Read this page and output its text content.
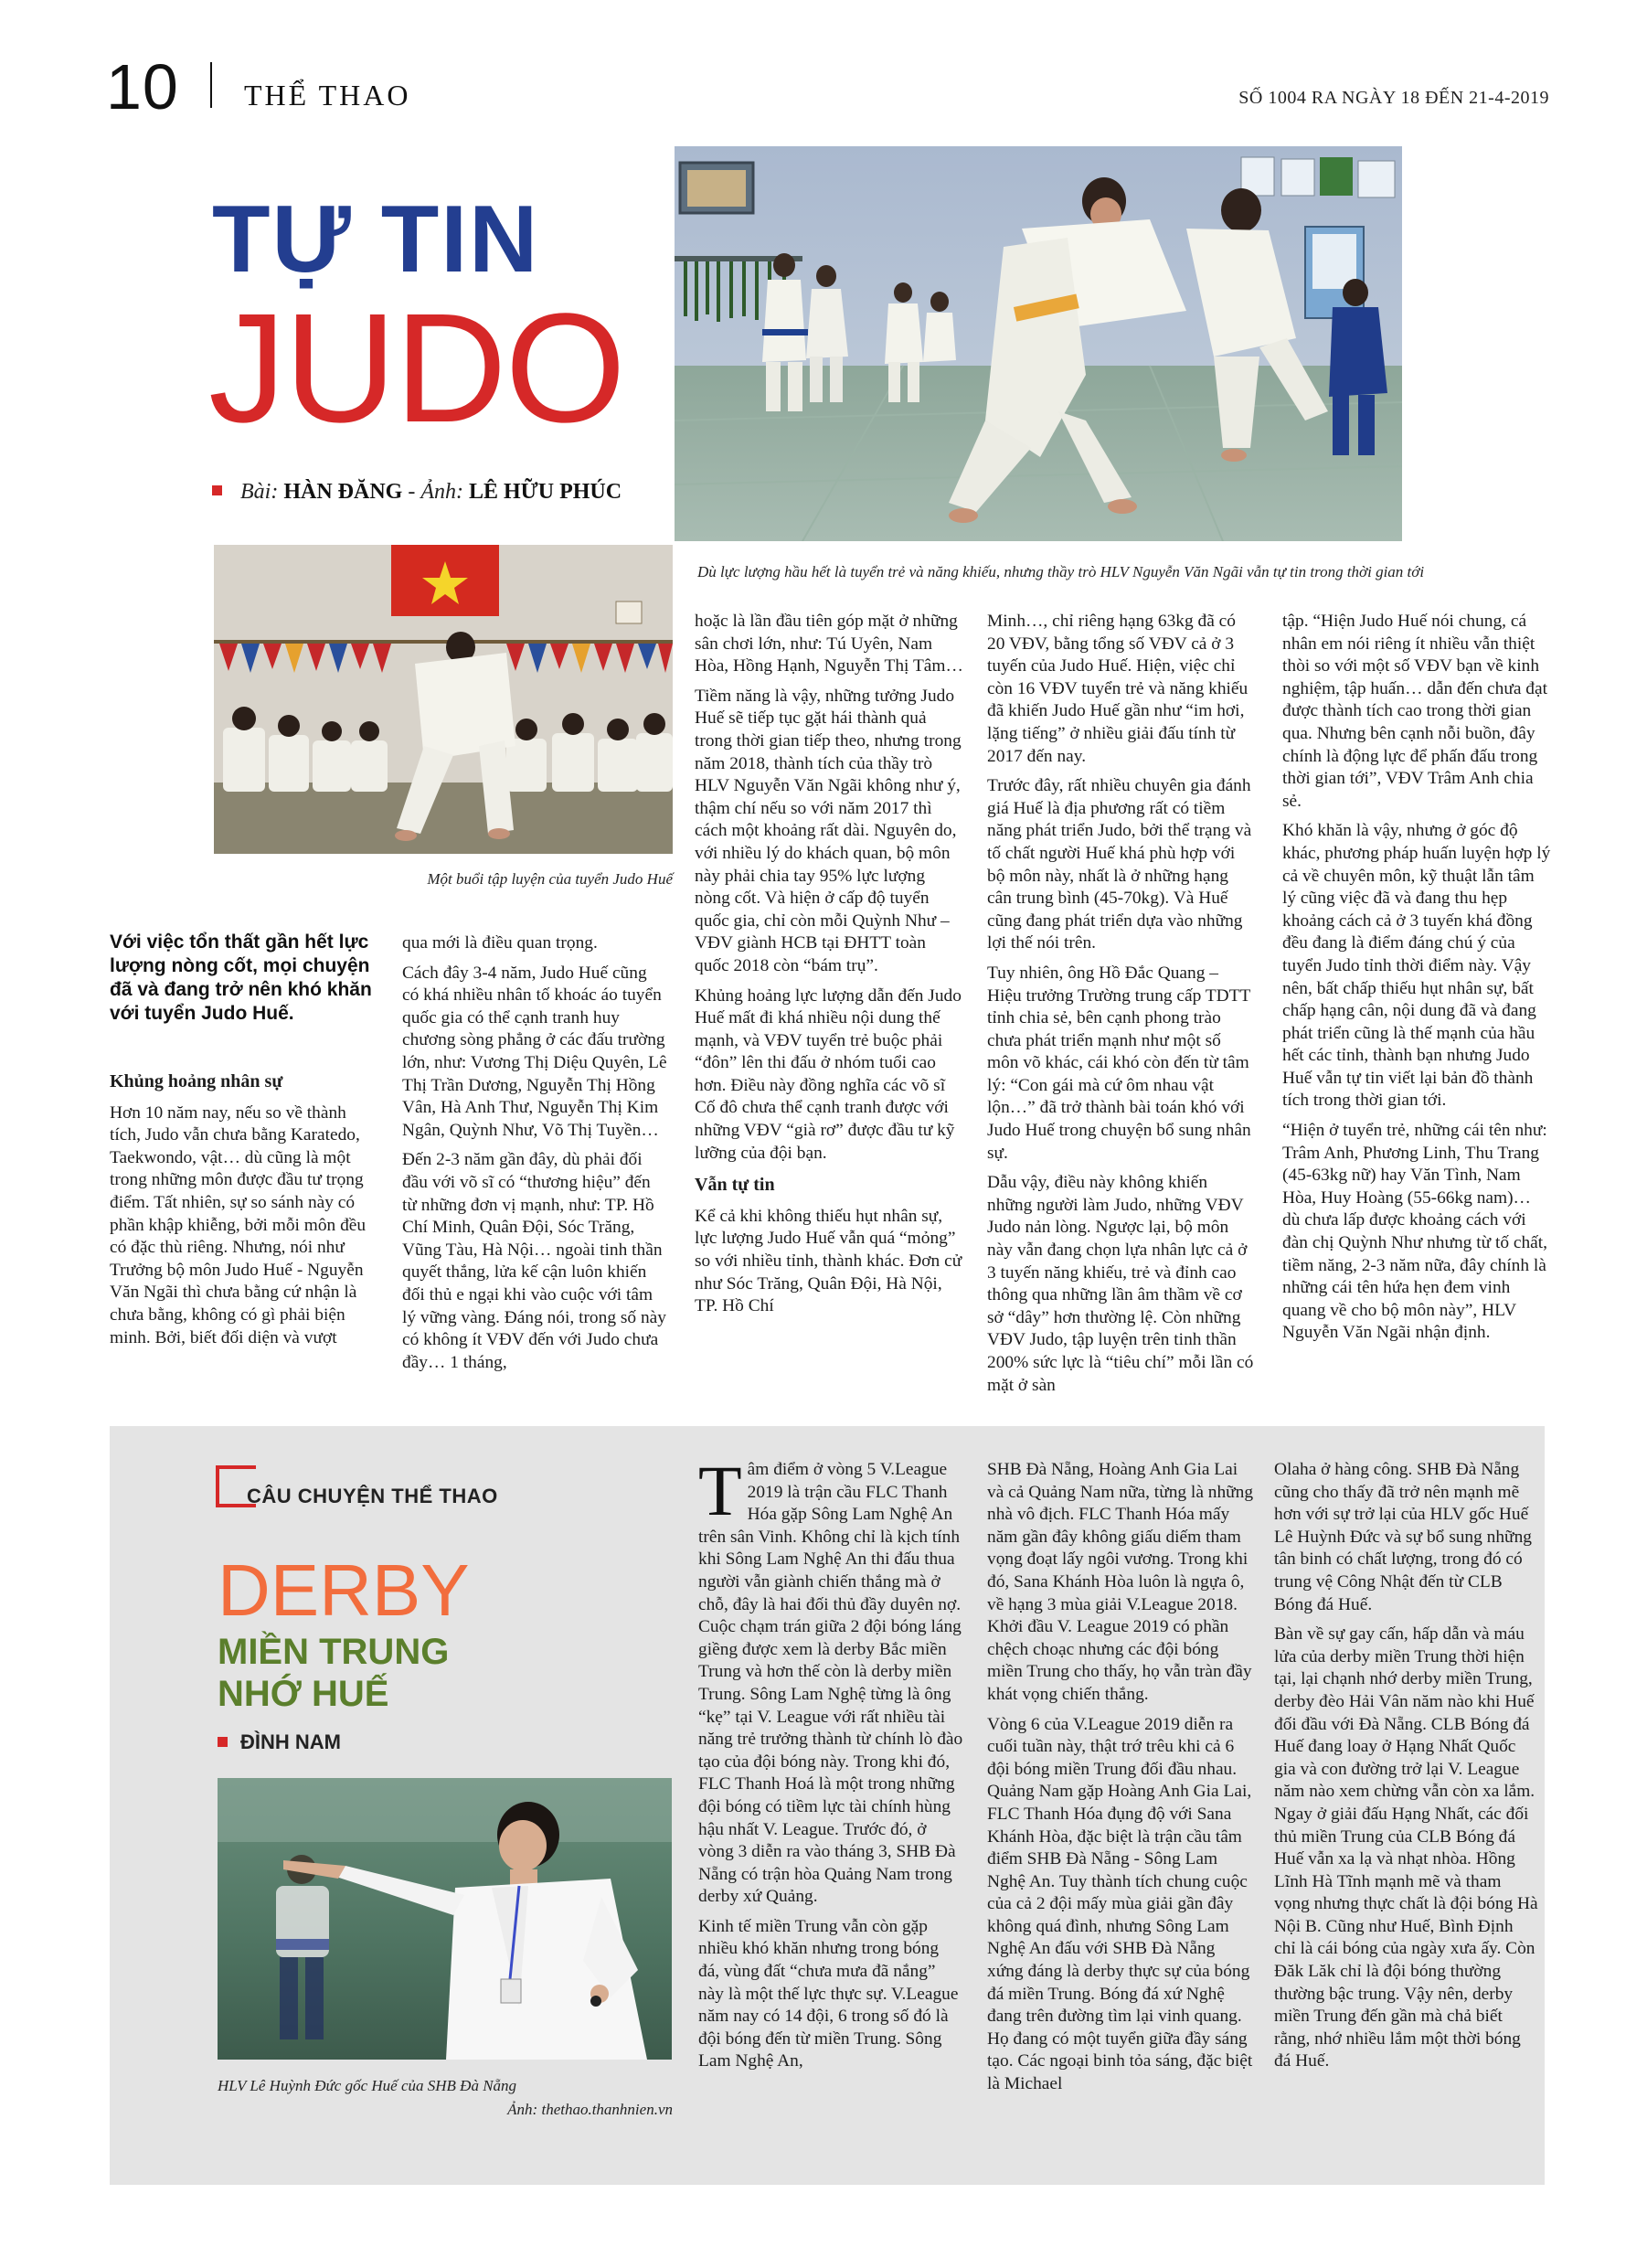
10 THỂ THAO	SỐ 1004 RA NGÀY 18 ĐẾN 21-4-2019
TỰ TIN
JUDO
Bài: HÀN ĐĂNG - Ảnh: LÊ HỮU PHÚC
Một buổi tập luyện của tuyển Judo Huế
Dù lực lượng hầu hết là tuyển trẻ và năng khiếu, nhưng thầy trò HLV Nguyễn Văn Ngãi vẫn tự tin trong thời gian tới
Với việc tổn thất gần hết lực lượng nòng cốt, mọi chuyện đã và đang trở nên khó khăn với tuyển Judo Huế.
Khủng hoảng nhân sự

Hơn 10 năm nay, nếu so về thành tích, Judo vẫn chưa bằng Karatedo, Taekwondo, vật… dù cũng là một trong những môn được đầu tư trọng điểm. Tất nhiên, sự so sánh này có phần khập khiễng, bởi mỗi môn đều có đặc thù riêng. Nhưng, nói như Trưởng bộ môn Judo Huế - Nguyễn Văn Ngãi thì chưa bằng cứ nhận là chưa bằng, không có gì phải biện minh. Bởi, biết đối diện và vượt

qua mới là điều quan trọng.

Cách đây 3-4 năm, Judo Huế cũng có khá nhiều nhân tố khoác áo tuyển quốc gia có thể cạnh tranh huy chương sòng phẳng ở các đấu trường lớn, như: Vương Thị Diệu Quyên, Lê Thị Trần Dương, Nguyễn Thị Hồng Vân, Hà Anh Thư, Nguyễn Thị Kim Ngân, Quỳnh Như, Võ Thị Tuyền…

Đến 2-3 năm gần đây, dù phải đối đầu với võ sĩ có “thương hiệu” đến từ những đơn vị mạnh, như: TP. Hồ Chí Minh, Quân Đội, Sóc Trăng, Vũng Tàu, Hà Nội… ngoài tinh thần quyết thắng, lửa kế cận luôn khiến đối thủ e ngại khi vào cuộc với tâm lý vững vàng. Đáng nói, trong số này có không ít VĐV đến với Judo chưa đầy… 1 tháng,

hoặc là lần đầu tiên góp mặt ở những sân chơi lớn, như: Tú Uyên, Nam Hòa, Hồng Hạnh, Nguyễn Thị Tâm…

Tiềm năng là vậy, những tưởng Judo Huế sẽ tiếp tục gặt hái thành quả trong thời gian tiếp theo, nhưng trong năm 2018, thành tích của thầy trò HLV Nguyễn Văn Ngãi không như ý, thậm chí nếu so với năm 2017 thì cách một khoảng rất dài. Nguyên do, với nhiều lý do khách quan, bộ môn này phải chia tay 95% lực lượng nòng cốt. Và hiện ở cấp độ tuyển quốc gia, chỉ còn mỗi Quỳnh Như – VĐV giành HCB tại ĐHTT toàn quốc 2018 còn “bám trụ”.

Khủng hoảng lực lượng dẫn đến Judo Huế mất đi khá nhiều nội dung thế mạnh, và VĐV tuyển trẻ buộc phải “đôn” lên thi đấu ở nhóm tuổi cao hơn. Điều này đồng nghĩa các võ sĩ Cố đô chưa thể cạnh tranh được với những VĐV “già rơ” được đầu tư kỹ lưỡng của đội bạn.

Vẫn tự tin

Kể cả khi không thiếu hụt nhân sự, lực lượng Judo Huế vẫn quá “mỏng” so với nhiều tỉnh, thành khác. Đơn cử như Sóc Trăng, Quân Đội, Hà Nội, TP. Hồ Chí

Minh…, chỉ riêng hạng 63kg đã có 20 VĐV, bằng tổng số VĐV cả ở 3 tuyến của Judo Huế. Hiện, việc chỉ còn 16 VĐV tuyển trẻ và năng khiếu đã khiến Judo Huế gần như “im hơi, lặng tiếng” ở nhiều giải đấu tính từ 2017 đến nay.

Trước đây, rất nhiều chuyên gia đánh giá Huế là địa phương rất có tiềm năng phát triển Judo, bởi thể trạng và tố chất người Huế khá phù hợp với bộ môn này, nhất là ở những hạng cân trung bình (45-70kg). Và Huế cũng đang phát triển dựa vào những lợi thế nói trên.

Tuy nhiên, ông Hồ Đắc Quang – Hiệu trưởng Trường trung cấp TDTT tỉnh chia sẻ, bên cạnh phong trào chưa phát triển mạnh như một số môn võ khác, cái khó còn đến từ tâm lý: “Con gái mà cứ ôm nhau vật lộn…” đã trở thành bài toán khó với Judo Huế trong chuyện bổ sung nhân sự.

Dẫu vậy, điều này không khiến những người làm Judo, những VĐV Judo nản lòng. Ngược lại, bộ môn này vẫn đang chọn lựa nhân lực cả ở 3 tuyến năng khiếu, trẻ và đỉnh cao thông qua những lần âm thầm về cơ sở “dây” hơn thường lệ. Còn những VĐV Judo, tập luyện trên tinh thần 200% sức lực là “tiêu chí” mỗi lần có mặt ở sàn

tập. “Hiện Judo Huế nói chung, cá nhân em nói riêng ít nhiều vẫn thiệt thòi so với một số VĐV bạn về kinh nghiệm, tập huấn… dẫn đến chưa đạt được thành tích cao trong thời gian qua. Nhưng bên cạnh nỗi buồn, đây chính là động lực để phấn đấu trong thời gian tới”, VĐV Trâm Anh chia sẻ.

Khó khăn là vậy, nhưng ở góc độ khác, phương pháp huấn luyện hợp lý cả về chuyên môn, kỹ thuật lẫn tâm lý cũng việc đã và đang thu hẹp khoảng cách cả ở 3 tuyến khá đồng đều đang là điểm đáng chú ý của tuyển Judo tỉnh thời điểm này. Vậy nên, bất chấp thiếu hụt nhân sự, bất chấp hạng cân, nội dung đã và đang phát triển cũng là thế mạnh của hầu hết các tỉnh, thành bạn nhưng Judo Huế vẫn tự tin viết lại bản đồ thành tích trong thời gian tới.

“Hiện ở tuyển trẻ, những cái tên như: Trâm Anh, Phương Linh, Thu Trang (45-63kg nữ) hay Văn Tình, Nam Hòa, Huy Hoàng (55-66kg nam)… dù chưa lấp được khoảng cách với đàn chị Quỳnh Như nhưng từ tố chất, tiềm năng, 2-3 năm nữa, đây chính là những cái tên hứa hẹn đem vinh quang về cho bộ môn này”, HLV Nguyễn Văn Ngãi nhận định.

CÂU CHUYỆN THỂ THAO
DERBY
MIỀN TRUNG
NHỚ HUẾ
ĐÌNH NAM
HLV Lê Huỳnh Đức gốc Huế của SHB Đà Nẵng
Ảnh: thethao.thanhnien.vn

Tâm điểm ở vòng 5 V.League 2019 là trận cầu FLC Thanh Hóa gặp Sông Lam Nghệ An trên sân Vinh. Không chỉ là kịch tính khi Sông Lam Nghệ An thi đấu thua người vẫn giành chiến thắng mà ở chỗ, đây là hai đối thủ đầy duyên nợ. Cuộc chạm trán giữa 2 đội bóng láng giềng được xem là derby Bắc miền Trung và hơn thế còn là derby miền Trung. Sông Lam Nghệ từng là ông “kẹ” tại V. League với rất nhiều tài năng trẻ trưởng thành từ chính lò đào tạo của đội bóng này. Trong khi đó, FLC Thanh Hoá là một trong những đội bóng có tiềm lực tài chính hùng hậu nhất V. League. Trước đó, ở vòng 3 diễn ra vào tháng 3, SHB Đà Nẵng có trận hòa Quảng Nam trong derby xứ Quảng.

Kinh tế miền Trung vẫn còn gặp nhiều khó khăn nhưng trong bóng đá, vùng đất “chưa mưa đã nắng” này là một thế lực thực sự. V.League năm nay có 14 đội, 6 trong số đó là đội bóng đến từ miền Trung. Sông Lam Nghệ An,

SHB Đà Nẵng, Hoàng Anh Gia Lai và cả Quảng Nam nữa, từng là những nhà vô địch. FLC Thanh Hóa mấy năm gần đây không giấu diếm tham vọng đoạt lấy ngôi vương. Trong khi đó, Sana Khánh Hòa luôn là ngựa ô, về hạng 3 mùa giải V.League 2018. Khởi đầu V. League 2019 có phần chệch choạc nhưng các đội bóng miền Trung cho thấy, họ vẫn tràn đầy khát vọng chiến thắng.

Vòng 6 của V.League 2019 diễn ra cuối tuần này, thật trớ trêu khi cả 6 đội bóng miền Trung đối đầu nhau. Quảng Nam gặp Hoàng Anh Gia Lai, FLC Thanh Hóa đụng độ với Sana Khánh Hòa, đặc biệt là trận cầu tâm điểm SHB Đà Nẵng - Sông Lam Nghệ An. Tuy thành tích chung cuộc của cả 2 đội mấy mùa giải gần đây không quá đình, nhưng Sông Lam Nghệ An đấu với SHB Đà Nẵng xứng đáng là derby thực sự của bóng đá miền Trung. Bóng đá xứ Nghệ đang trên đường tìm lại vinh quang. Họ đang có một tuyển giữa đầy sáng tạo. Các ngoại binh tỏa sáng, đặc biệt là Michael

Olaha ở hàng công. SHB Đà Nẵng cũng cho thấy đã trở nên mạnh mẽ hơn với sự trở lại của HLV gốc Huế Lê Huỳnh Đức và sự bổ sung những tân binh có chất lượng, trong đó có trung vệ Công Nhật đến từ CLB Bóng đá Huế.

Bàn về sự gay cấn, hấp dẫn và máu lửa của derby miền Trung thời hiện tại, lại chạnh nhớ derby miền Trung, derby đèo Hải Vân năm nào khi Huế đối đầu với Đà Nẵng. CLB Bóng đá Huế đang loay ở Hạng Nhất Quốc gia và con đường trở lại V. League năm nào xem chừng vẫn còn xa lắm. Ngay ở giải đấu Hạng Nhất, các đối thủ miền Trung của CLB Bóng đá Huế vẫn xa lạ và nhạt nhòa. Hồng Lĩnh Hà Tĩnh mạnh mẽ và tham vọng nhưng thực chất là đội bóng Hà Nội B. Cũng như Huế, Bình Định chỉ là cái bóng của ngày xưa ấy. Còn Đăk Lăk chỉ là đội bóng thường thường bậc trung. Vậy nên, derby miền Trung đến gần mà chả biết rằng, nhớ nhiều lắm một thời bóng đá Huế.
